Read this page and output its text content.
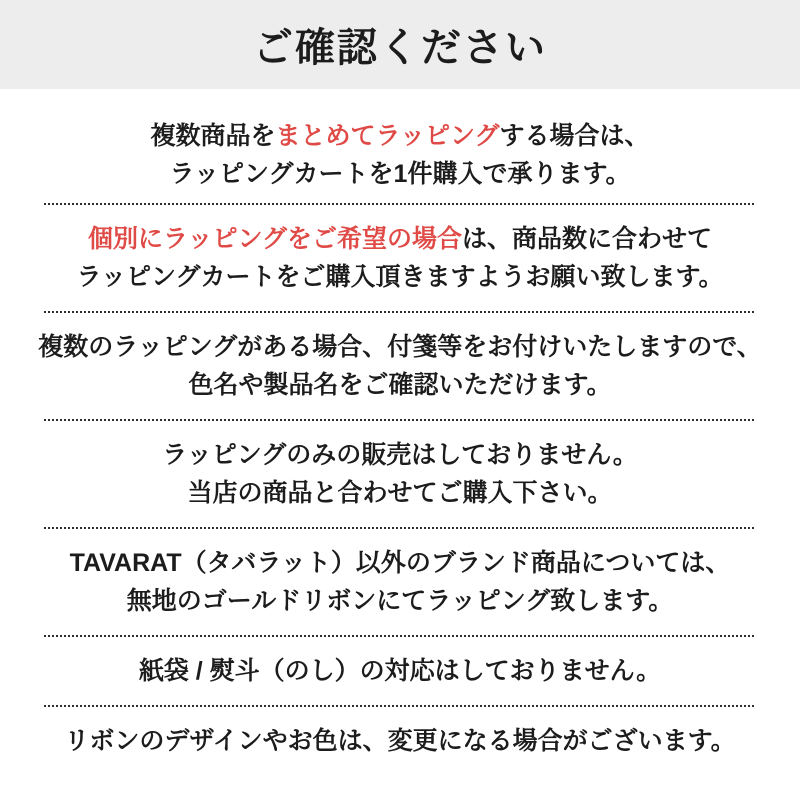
ご確認ください
複数商品をまとめてラッピングする場合は、
ラッピングカートを1件購入で承ります。
個別にラッピングをご希望の場合は、商品数に合わせて
ラッピングカートをご購入頂きますようお願い致します。
複数のラッピングがある場合、付箋等をお付けいたしますので、
色名や製品名をご確認いただけます。
ラッピングのみの販売はしておりません。
当店の商品と合わせてご購入下さい。
TAVARAT（タバラット）以外のブランド商品については、
無地のゴールドリボンにてラッピング致します。
紙袋 / 熨斗（のし）の対応はしておりません。
リボンのデザインやお色は、変更になる場合がございます。
